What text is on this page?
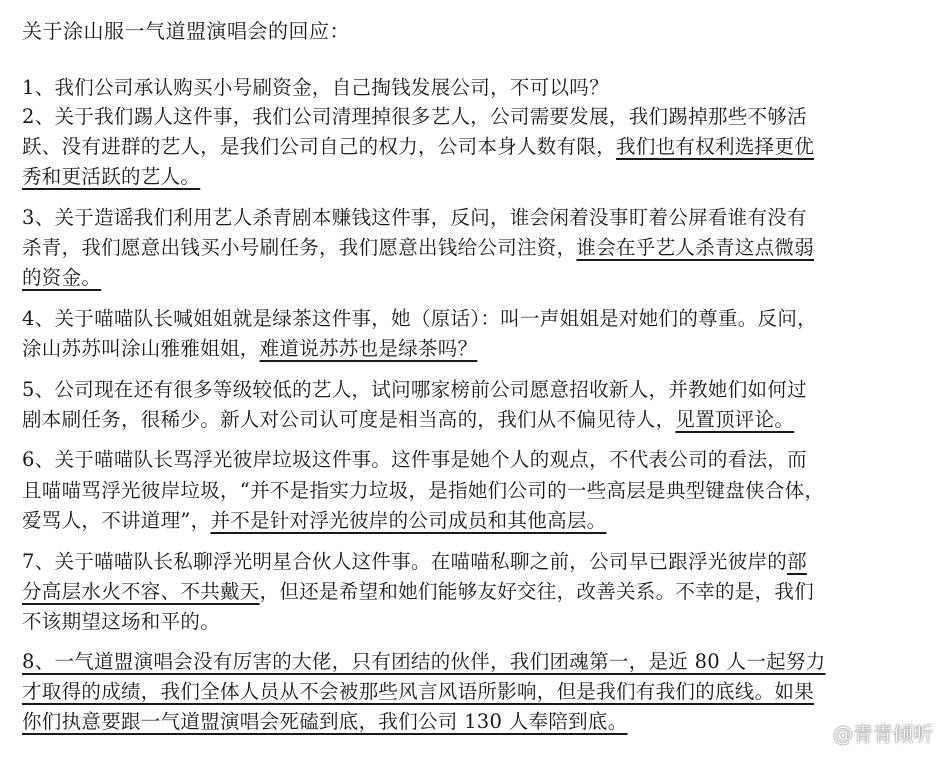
关于涂山服一气道盟演唱会的回应：
1、我们公司承认购买小号刷资金，自己掏钱发展公司，不可以吗？
2、关于我们踢人这件事，我们公司清理掉很多艺人，公司需要发展，我们踢掉那些不够活
跃、没有进群的艺人，是我们公司自己的权力，公司本身人数有限，我们也有权利选择更优
秀和更活跃的艺人。
3、关于造谣我们利用艺人杀青剧本赚钱这件事，反问，谁会闲着没事盯着公屏看谁有没有
杀青，我们愿意出钱买小号刷任务，我们愿意出钱给公司注资，谁会在乎艺人杀青这点微弱
的资金。
4、关于喵喵队长喊姐姐就是绿茶这件事，她（原话）：叫一声姐姐是对她们的尊重。反问，
涂山苏苏叫涂山雅雅姐姐，难道说苏苏也是绿茶吗？
5、公司现在还有很多等级较低的艺人，试问哪家榜前公司愿意招收新人，并教她们如何过
剧本刷任务，很稀少。新人对公司认可度是相当高的，我们从不偏见待人，见置顶评论。
6、关于喵喵队长骂浮光彼岸垃圾这件事。这件事是她个人的观点，不代表公司的看法，而
且喵喵骂浮光彼岸垃圾，“并不是指实力垃圾，是指她们公司的一些高层是典型键盘侠合体，
爱骂人，不讲道理”，并不是针对浮光彼岸的公司成员和其他高层。
7、关于喵喵队长私聊浮光明星合伙人这件事。在喵喵私聊之前，公司早已跟浮光彼岸的部
分高层水火不容、不共戴天，但还是希望和她们能够友好交往，改善关系。不幸的是，我们
不该期望这场和平的。
8、一气道盟演唱会没有厉害的大佬，只有团结的伙伴，我们团魂第一，是近 80 人一起努力
才取得的成绩，我们全体人员从不会被那些风言风语所影响，但是我们有我们的底线。如果
你们执意要跟一气道盟演唱会死磕到底，我们公司 130 人奉陪到底。
@青青倾听
